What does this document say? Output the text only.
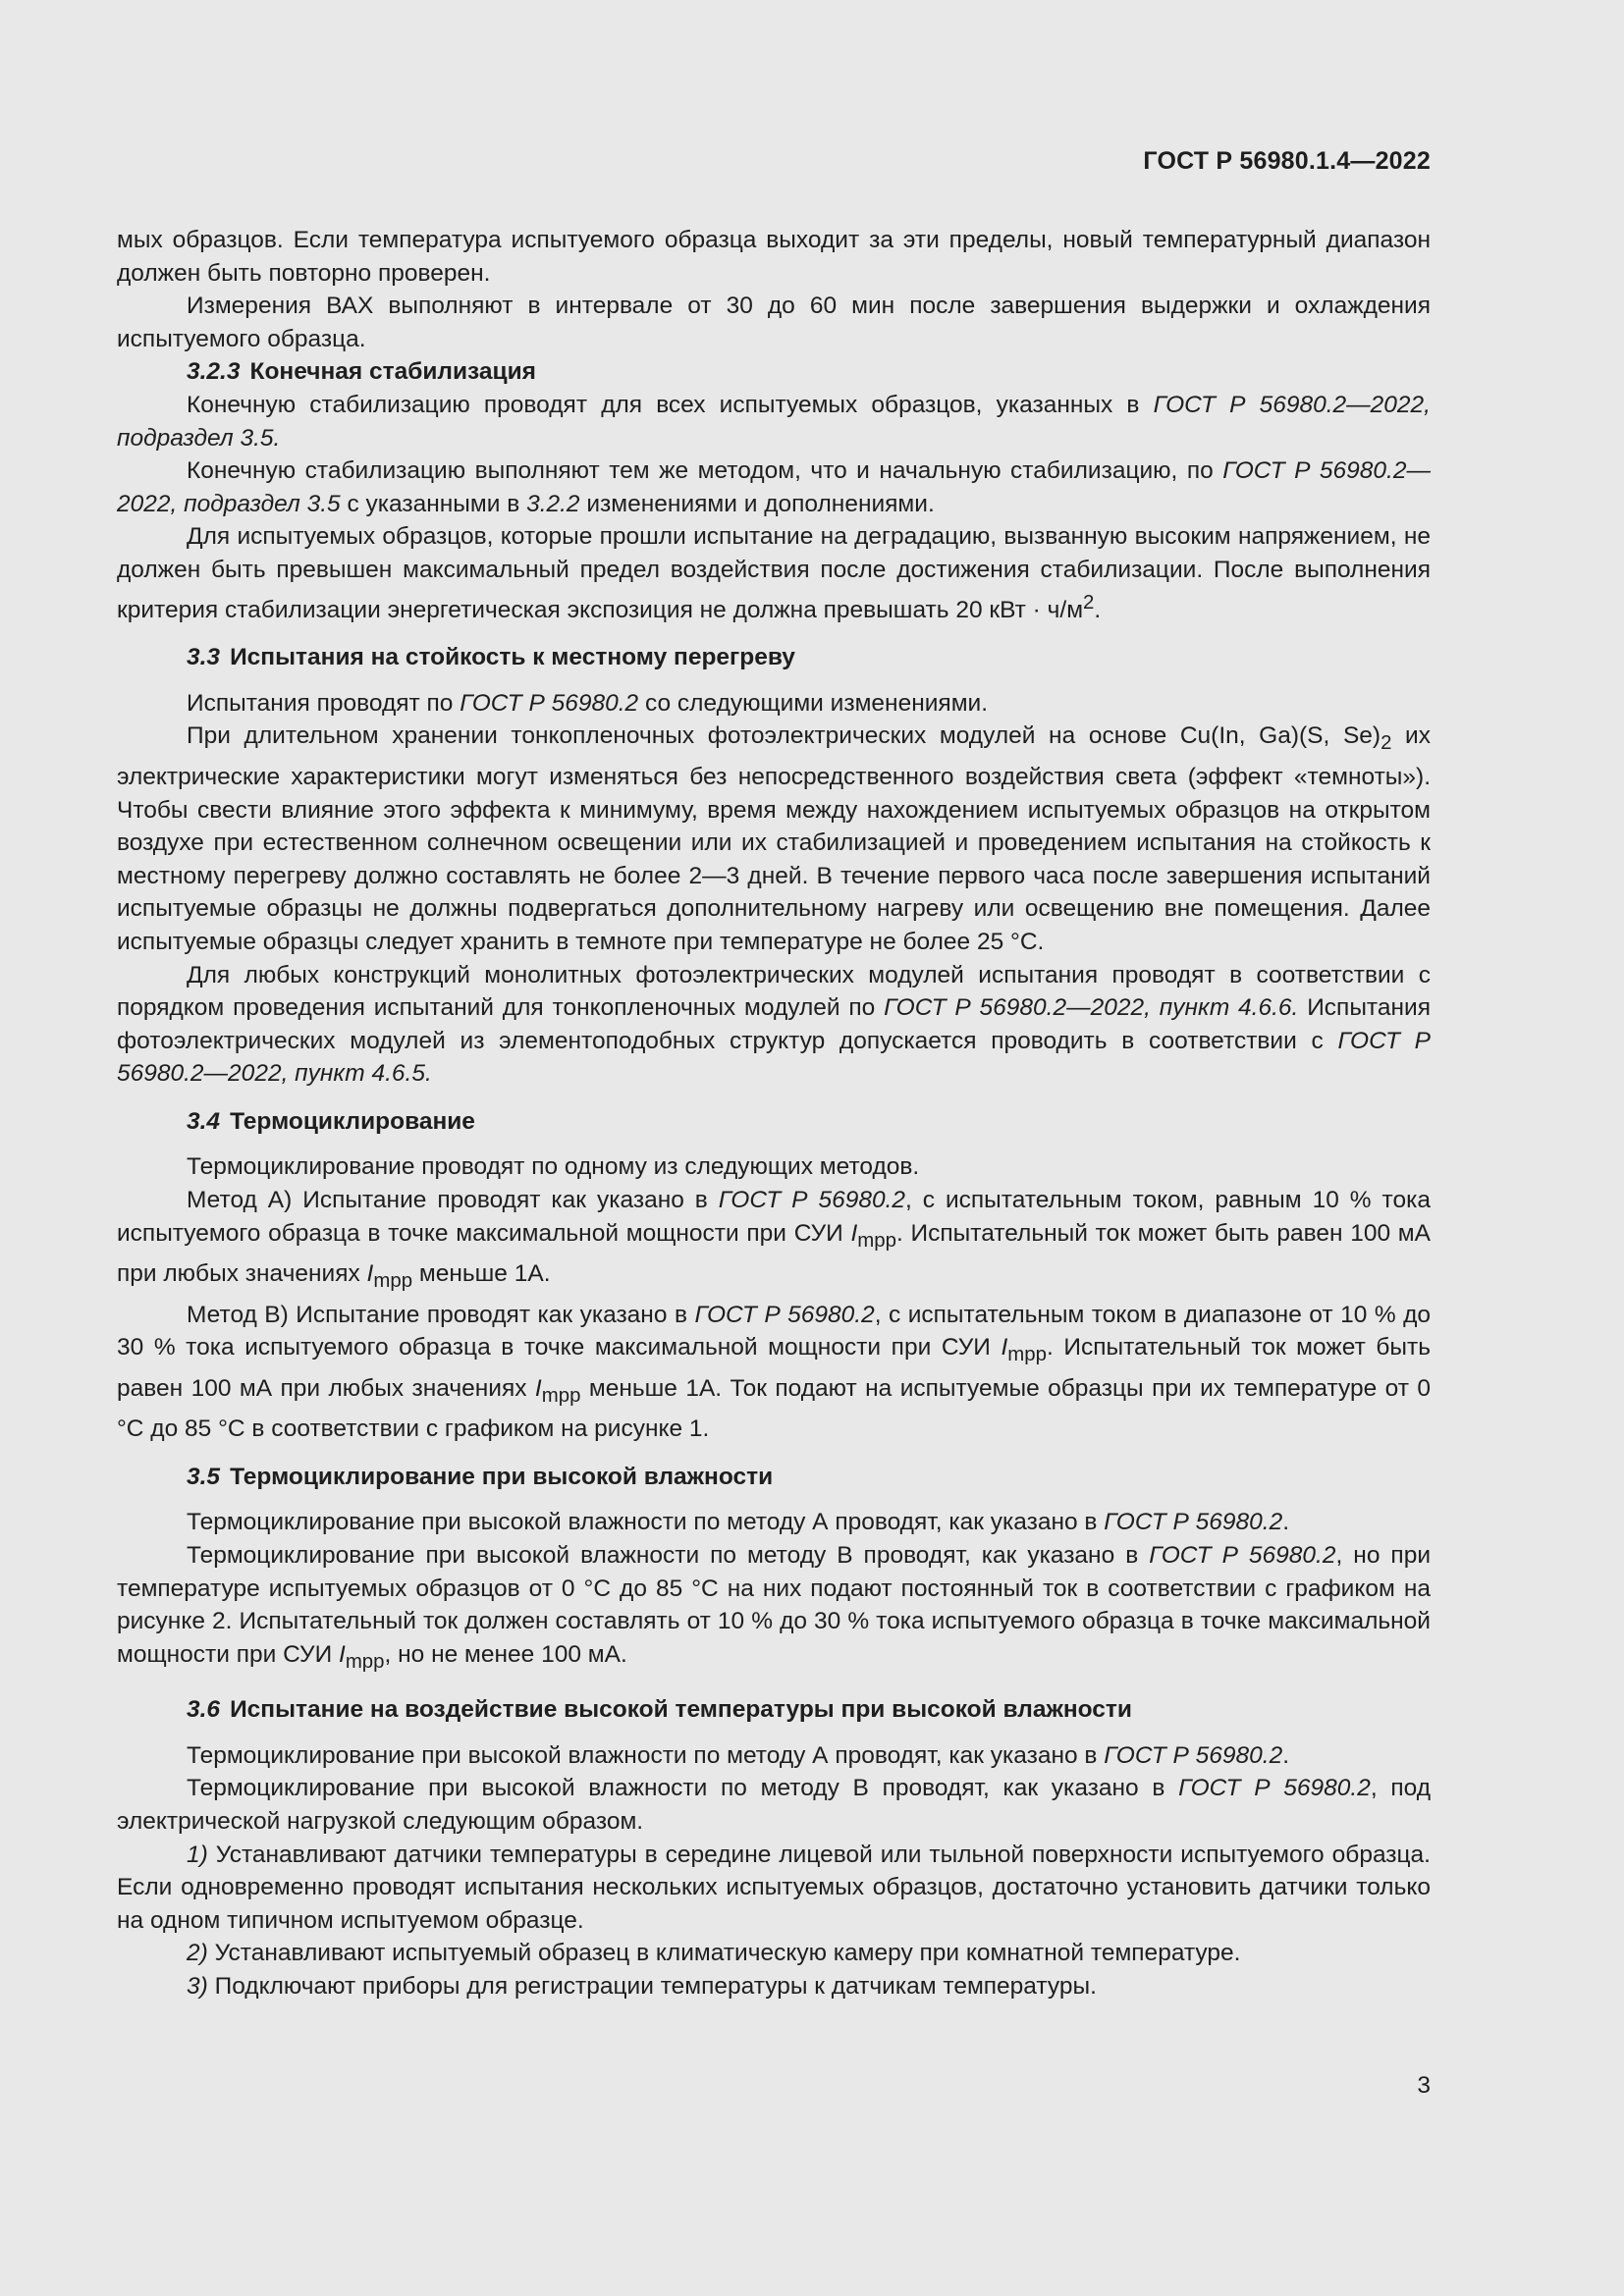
ГОСТ Р 56980.1.4—2022

мых образцов. Если температура испытуемого образца выходит за эти пределы, новый температурный диапазон должен быть повторно проверен.

Измерения ВАХ выполняют в интервале от 30 до 60 мин после завершения выдержки и охлаждения испытуемого образца.

3.2.3 Конечная стабилизация

Конечную стабилизацию проводят для всех испытуемых образцов, указанных в ГОСТ Р 56980.2—2022, подраздел 3.5.

Конечную стабилизацию выполняют тем же методом, что и начальную стабилизацию, по ГОСТ Р 56980.2—2022, подраздел 3.5 с указанными в 3.2.2 изменениями и дополнениями.

Для испытуемых образцов, которые прошли испытание на деградацию, вызванную высоким напряжением, не должен быть превышен максимальный предел воздействия после достижения стабилизации. После выполнения критерия стабилизации энергетическая экспозиция не должна превышать 20 кВт · $ч/м^2$.

3.3 Испытания на стойкость к местному перегреву

Испытания проводят по ГОСТ Р 56980.2 со следующими изменениями.

При длительном хранении тонкопленочных фотоэлектрических модулей на основе Cu(In, Ga)(S, $Se)_2$ их электрические характеристики могут изменяться без непосредственного воздействия света (эффект «темноты»). Чтобы свести влияние этого эффекта к минимуму, время между нахождением испытуемых образцов на открытом воздухе при естественном солнечном освещении или их стабилизацией и проведением испытания на стойкость к местному перегреву должно составлять не более 2—3 дней. В течение первого часа после завершения испытаний испытуемые образцы не должны подвергаться дополнительному нагреву или освещению вне помещения. Далее испытуемые образцы следует хранить в темноте при температуре не более 25 °С.

Для любых конструкций монолитных фотоэлектрических модулей испытания проводят в соответствии с порядком проведения испытаний для тонкопленочных модулей по ГОСТ Р 56980.2—2022, пункт 4.6.6. Испытания фотоэлектрических модулей из элементоподобных структур допускается проводить в соответствии с ГОСТ Р 56980.2—2022, пункт 4.6.5.

3.4 Термоциклирование

Термоциклирование проводят по одному из следующих методов.

Метод А) Испытание проводят как указано в ГОСТ Р 56980.2, с испытательным током, равным 10 % тока испытуемого образца в точке максимальной мощности при СУИ $I_{mpp}$. Испытательный ток может быть равен 100 мА при любых значениях $I_{mpp}$ меньше 1А.

Метод В) Испытание проводят как указано в ГОСТ Р 56980.2, с испытательным током в диапазоне от 10 % до 30 % тока испытуемого образца в точке максимальной мощности при СУИ $I_{mpp}$. Испытательный ток может быть равен 100 мА при любых значениях $I_{mpp}$ меньше 1А. Ток подают на испытуемые образцы при их температуре от 0 °С до 85 °С в соответствии с графиком на рисунке 1.

3.5 Термоциклирование при высокой влажности

Термоциклирование при высокой влажности по методу А проводят, как указано в ГОСТ Р 56980.2.

Термоциклирование при высокой влажности по методу В проводят, как указано в ГОСТ Р 56980.2, но при температуре испытуемых образцов от 0 °С до 85 °С на них подают постоянный ток в соответствии с графиком на рисунке 2. Испытательный ток должен составлять от 10 % до 30 % тока испытуемого образца в точке максимальной мощности при СУИ $I_{mpp}$, но не менее 100 мА.

3.6 Испытание на воздействие высокой температуры при высокой влажности

Термоциклирование при высокой влажности по методу А проводят, как указано в ГОСТ Р 56980.2.

Термоциклирование при высокой влажности по методу В проводят, как указано в ГОСТ Р 56980.2, под электрической нагрузкой следующим образом.

1) Устанавливают датчики температуры в середине лицевой или тыльной поверхности испытуемого образца. Если одновременно проводят испытания нескольких испытуемых образцов, достаточно установить датчики только на одном типичном испытуемом образце.

2) Устанавливают испытуемый образец в климатическую камеру при комнатной температуре.

3) Подключают приборы для регистрации температуры к датчикам температуры.

3
